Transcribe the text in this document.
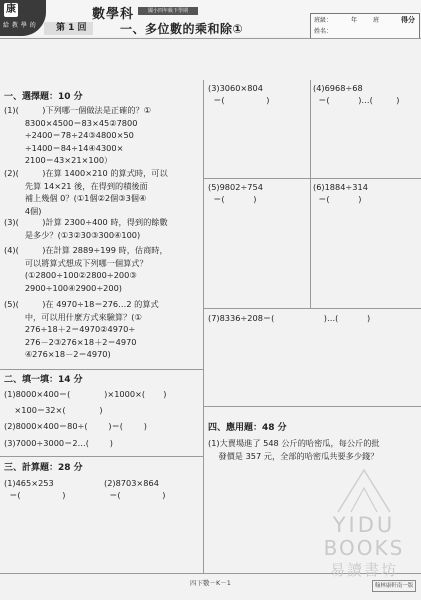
康
給 教 學 的
數學科	國小四年級下學期
第 1 回	一、多位數的乘和除①
班級：	年	班
姓名：
得分
一、選擇題：10 分
(1)(         )下列哪一個做法是正確的？①
8300×4500＝83×45②7800
÷2400＝78÷24③4800×50
÷1400＝84÷14④4300×
2100＝43×21×100）
(2)(         )在算 1400×210 的算式時，可以
先算 14×21 後，在得到的積後面
補上幾個 0？(①1個②2個③3個④
4個)
(3)(         )計算 2300÷400 時，得到的餘數
是多少？(①3②30③300④100)
(4)(         )在計算 2889÷199 時，估商時，
可以將算式想成下列哪一個算式？
(①2800÷100②2800÷200③
2900÷100④2900÷200)
(5)(         )在 4970÷18＝276…2 的算式
中，可以用什麼方式來驗算？(①
276÷18＋2＝4970②4970÷
276－2③276×18＋2＝4970
④276×18－2＝4970)
二、填一填：14 分
(1)8000×400＝(             )×1000×(       )
×100＝32×(             )
(2)8000×400＝80÷(        )＝(        )
(3)7000÷3000＝2…(        )
三、計算題：28 分
(1)465×253
＝(                )
(2)8703×864
＝(                )
(3)3060×804
＝(                )
(4)6968÷68
＝(           )…(         )
(5)9802÷754
＝(           )
(6)1884÷314
＝(           )
(7)8336÷208＝(                   )…(           )
四、應用題：48 分
(1)大賣場進了 548 公斤的哈密瓜，每公斤的批
發價是 357 元，全部的哈密瓜共要多少錢？
YIDU
BOOKS
易讀書坊
四下數－K－1	翰林康軒南一版
